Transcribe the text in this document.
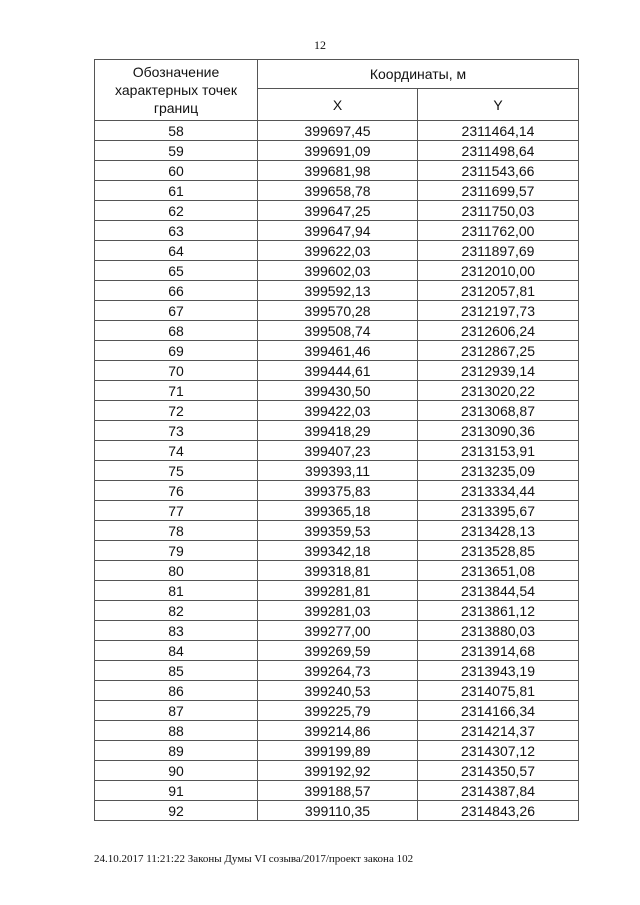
12
Обозначение характерных точек границ	Координаты, м	
	X	Y
58	399697,45	2311464,14
59	399691,09	2311498,64
60	399681,98	2311543,66
61	399658,78	2311699,57
62	399647,25	2311750,03
63	399647,94	2311762,00
64	399622,03	2311897,69
65	399602,03	2312010,00
66	399592,13	2312057,81
67	399570,28	2312197,73
68	399508,74	2312606,24
69	399461,46	2312867,25
70	399444,61	2312939,14
71	399430,50	2313020,22
72	399422,03	2313068,87
73	399418,29	2313090,36
74	399407,23	2313153,91
75	399393,11	2313235,09
76	399375,83	2313334,44
77	399365,18	2313395,67
78	399359,53	2313428,13
79	399342,18	2313528,85
80	399318,81	2313651,08
81	399281,81	2313844,54
82	399281,03	2313861,12
83	399277,00	2313880,03
84	399269,59	2313914,68
85	399264,73	2313943,19
86	399240,53	2314075,81
87	399225,79	2314166,34
88	399214,86	2314214,37
89	399199,89	2314307,12
90	399192,92	2314350,57
91	399188,57	2314387,84
92	399110,35	2314843,26
24.10.2017 11:21:22 Законы Думы VI созыва/2017/проект закона 102
